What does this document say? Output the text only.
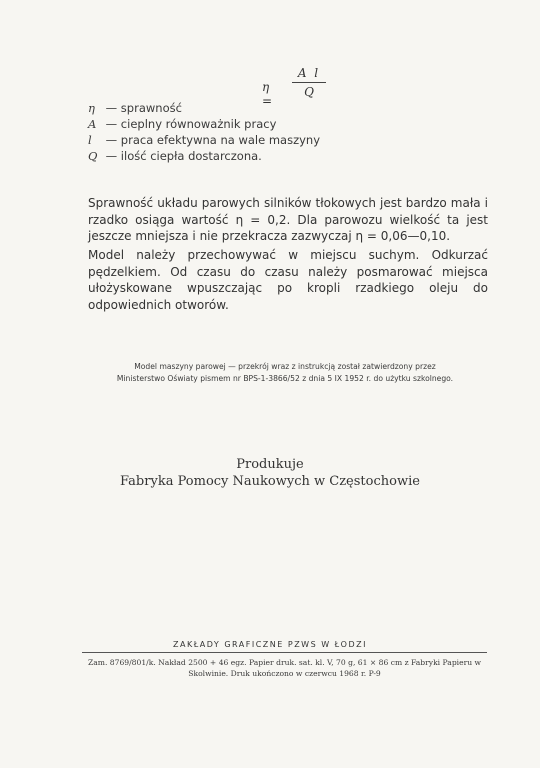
η =
A l
Q
η — sprawność
A — cieplny równoważnik pracy
l — praca efektywna na wale maszyny
Q — ilość ciepła dostarczona.

Sprawność układu parowych silników tłokowych jest bardzo mała i rzadko osiąga wartość η = 0,2. Dla parowozu wielkość ta jest jeszcze mniejsza i nie przekracza zazwyczaj η = 0,06—0,10.

Model należy przechowywać w miejscu suchym. Odkurzać pędzelkiem. Od czasu do czasu należy posmarować miejsca ułożyskowane wpuszczając po kropli rzadkiego oleju do odpowiednich otworów.

Model maszyny parowej — przekrój wraz z instrukcją został zatwierdzony przez Ministerstwo Oświaty pismem nr BPS-1-3866/52 z dnia 5 IX 1952 r. do użytku szkolnego.
Produkuje
Fabryka Pomocy Naukowych w Częstochowie
ZAKŁADY GRAFICZNE PZWS W ŁODZI
Zam. 8769/801/k. Nakład 2500 + 46 egz. Papier druk. sat. kl. V, 70 g, 61 × 86 cm z Fabryki Papieru w Skolwinie. Druk ukończono w czerwcu 1968 r. P-9
